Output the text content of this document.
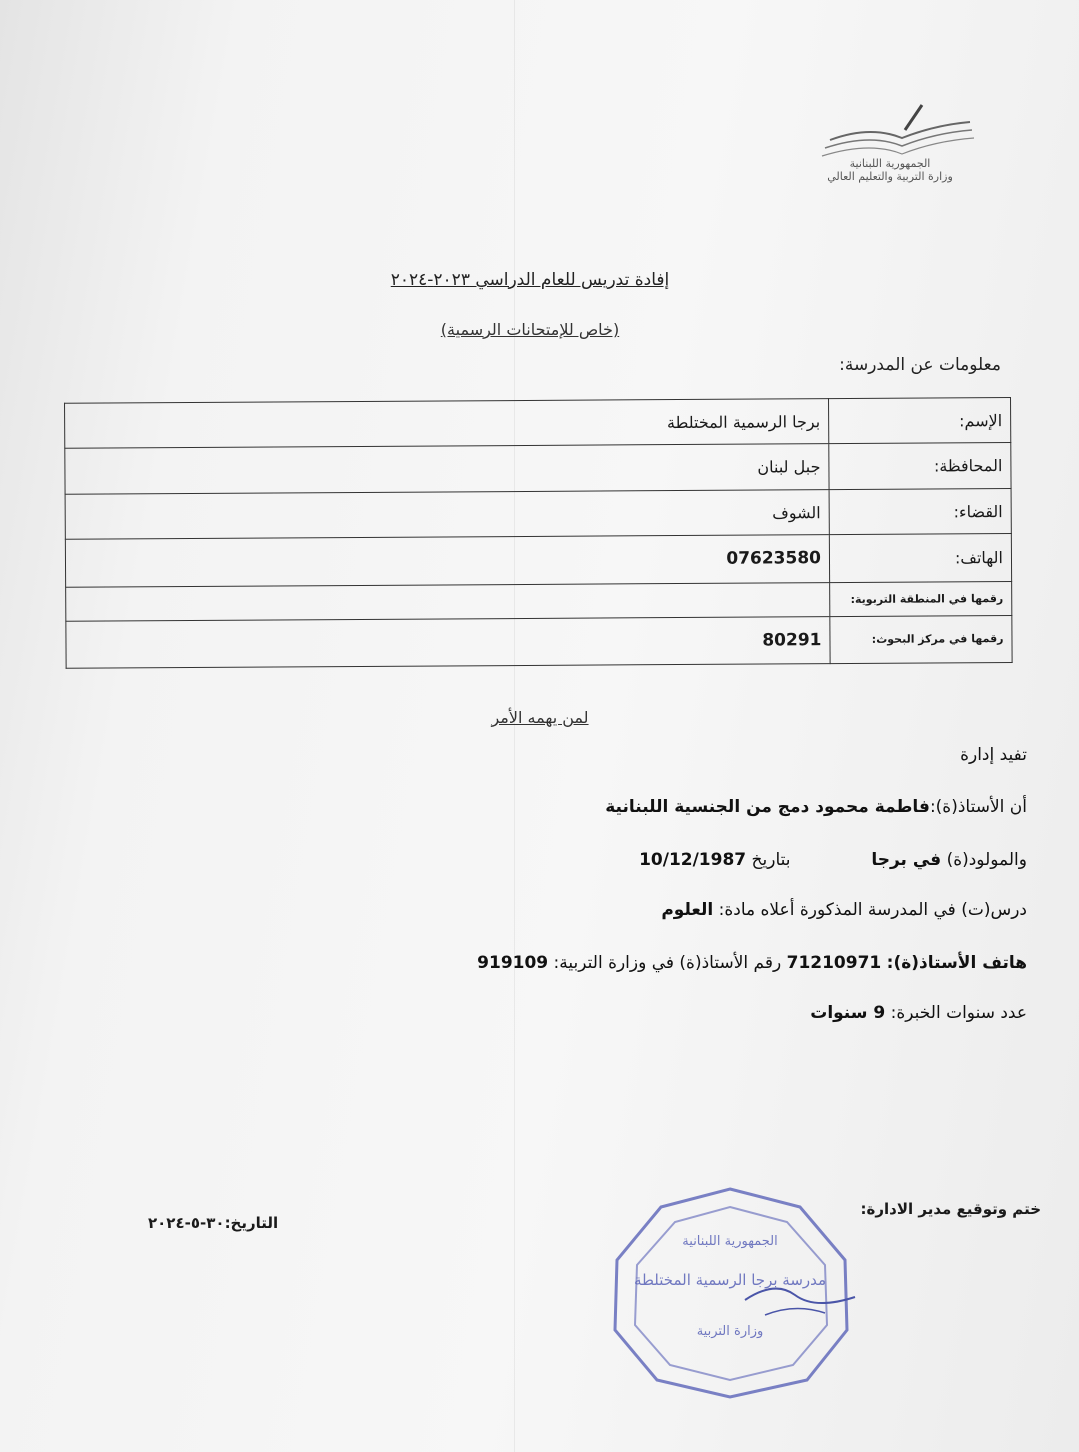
الجمهورية اللبنانية
وزارة التربية والتعليم العالي
إفادة تدريس للعام الدراسي ٢٠٢٣-٢٠٢٤
(خاص للإمتحانات الرسمية)
معلومات عن المدرسة:
الإسم:	برجا الرسمية المختلطة
المحافظة:	جبل لبنان
القضاء:	الشوف
الهاتف:	07623580
رقمها في المنطقة التربوية:	
رقمها في مركز البحوث:	80291
لمن يهمه الأمر
تفيد إدارة
أن الأستاذ(ة):فاطمة محمود دمج من الجنسية اللبنانية
والمولود(ة) في برجا  بتاريخ 10/12/1987
درس(ت) في المدرسة المذكورة أعلاه مادة: العلوم
هاتف الأستاذ(ة): 71210971 رقم الأستاذ(ة) في وزارة التربية: 919109
عدد سنوات الخبرة: 9 سنوات
ختم وتوقيع مدير الادارة:
التاريخ:٣٠-٥-٢٠٢٤
الجمهورية اللبنانية
مدرسة برجا الرسمية المختلطة
وزارة التربية
